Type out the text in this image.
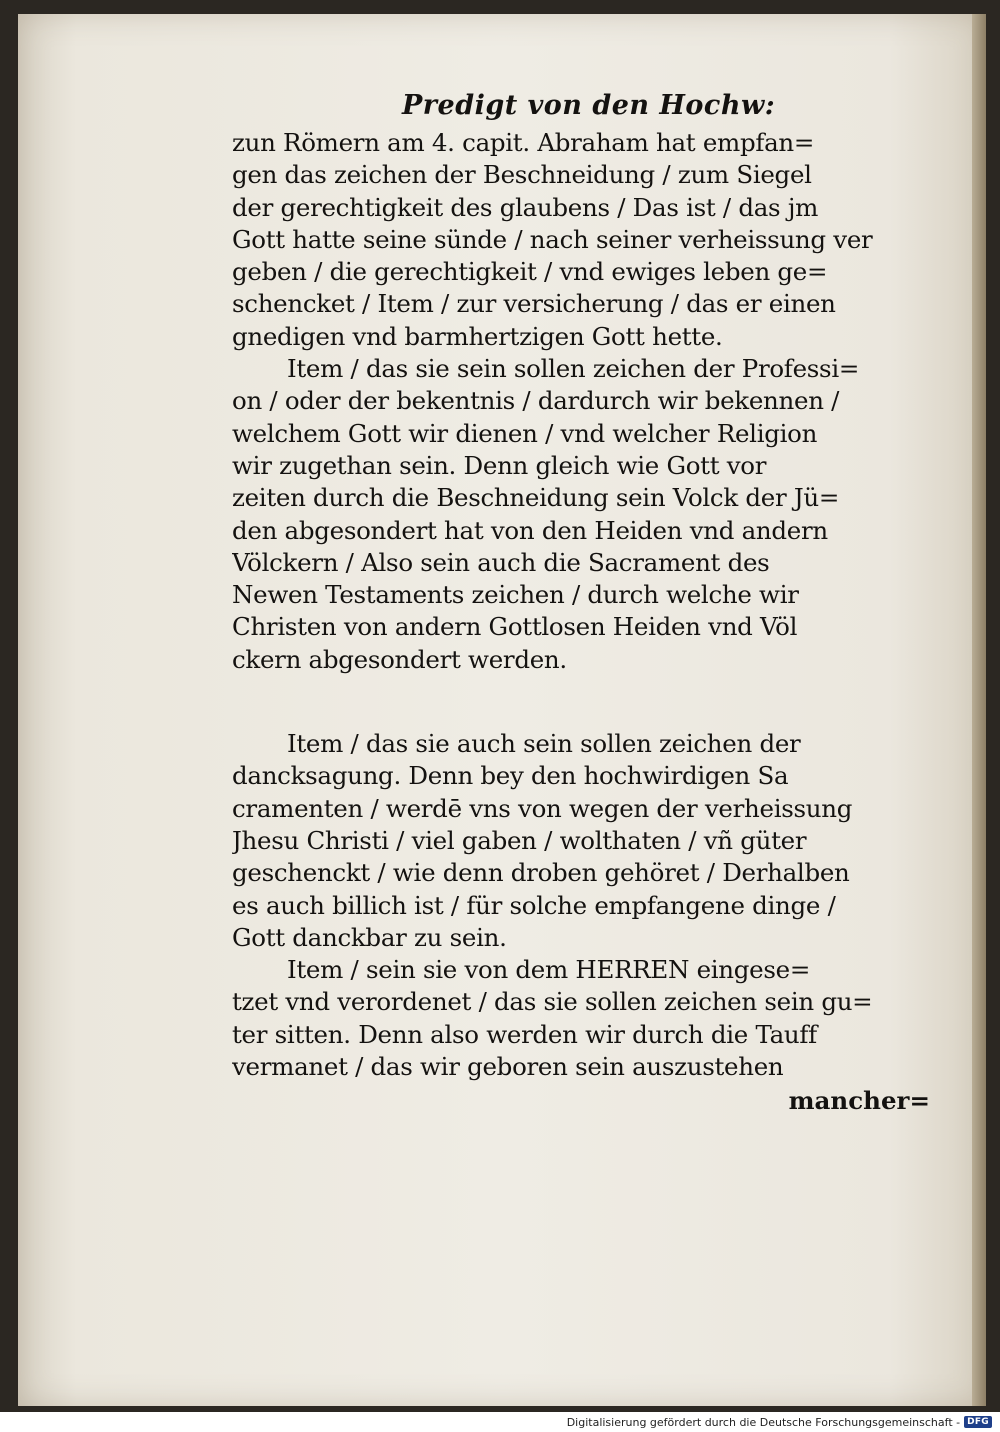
Predigt von den Hochw:
zun Römern am 4. capit. Abraham hat empfan=
gen das zeichen der Beschneidung / zum Siegel
der gerechtigkeit des glaubens / Das ist / das jm
Gott hatte seine sünde / nach seiner verheissung ver
geben / die gerechtigkeit / vnd ewiges leben ge=
schencket / Item / zur versicherung / das er einen
gnedigen vnd barmhertzigen Gott hette.
Item / das sie sein sollen zeichen der Professi=
on / oder der bekentnis / dardurch wir bekennen /
welchem Gott wir dienen / vnd welcher Religion
wir zugethan sein. Denn gleich wie Gott vor
zeiten durch die Beschneidung sein Volck der Jü=
den abgesondert hat von den Heiden vnd andern
Völckern / Also sein auch die Sacrament des
Newen Testaments zeichen / durch welche wir
Christen von andern Gottlosen Heiden vnd Völ
ckern abgesondert werden.
Item / das sie auch sein sollen zeichen der
dancksagung. Denn bey den hochwirdigen Sa
cramenten / werdē vns von wegen der verheissung
Jhesu Christi / viel gaben / wolthaten / vñ güter
geschenckt / wie denn droben gehöret / Derhalben
es auch billich ist / für solche empfangene dinge /
Gott danckbar zu sein.
Item / sein sie von dem HERREN eingese=
tzet vnd verordenet / das sie sollen zeichen sein gu=
ter sitten. Denn also werden wir durch die Tauff
vermanet / das wir geboren sein auszustehen
mancher=
Digitalisierung gefördert durch die Deutsche Forschungsgemeinschaft - DFG
